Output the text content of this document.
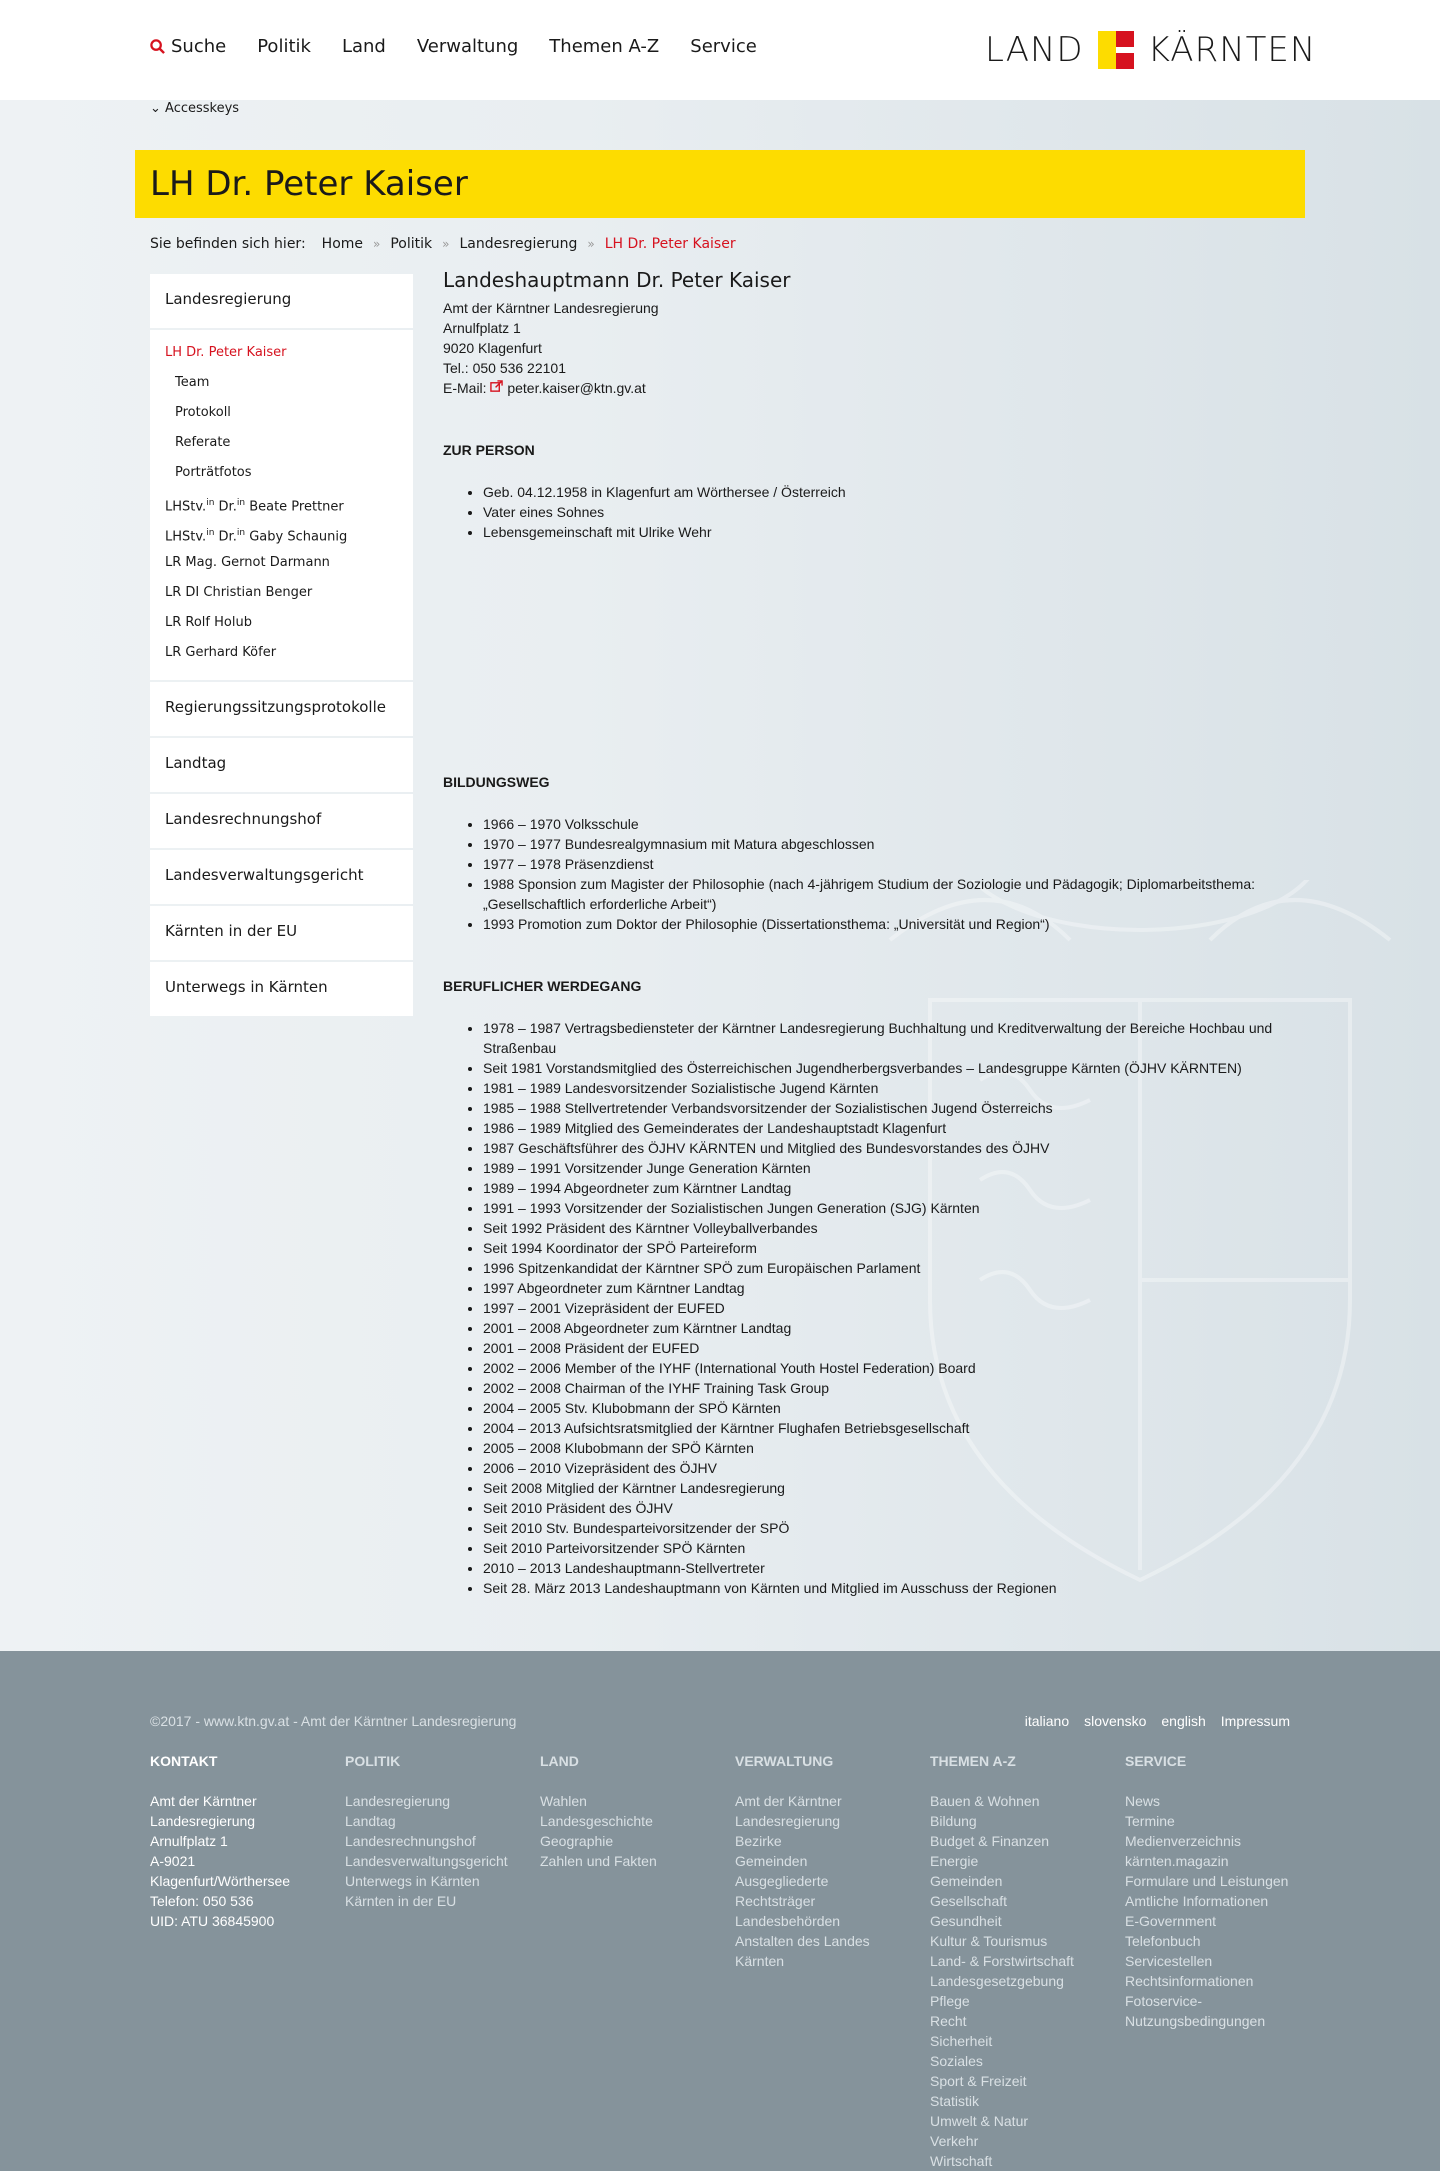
Suche Politik Land Verwaltung Themen A-Z Service	LAND KÄRNTEN
⌄ Accesskeys
LH Dr. Peter Kaiser
Sie befinden sich hier: Home » Politik » Landesregierung » LH Dr. Peter Kaiser
Landesregierung
LH Dr. Peter Kaiser
Team
Protokoll
Referate
Porträtfotos
LHStv.$^{in}$ Dr.$^{in}$ Beate Prettner
LHStv.$^{in}$ Dr.$^{in}$ Gaby Schaunig
LR Mag. Gernot Darmann
LR DI Christian Benger
LR Rolf Holub
LR Gerhard Köfer
Regierungssitzungsprotokolle
Landtag
Landesrechnungshof
Landesverwaltungsgericht
Kärnten in der EU
Unterwegs in Kärnten
Landeshauptmann Dr. Peter Kaiser
Amt der Kärntner Landesregierung
Arnulfplatz 1
9020 Klagenfurt
Tel.: 050 536 22101
E-Mail: peter.kaiser@ktn.gv.at
ZUR PERSON
• Geb. 04.12.1958 in Klagenfurt am Wörthersee / Österreich
• Vater eines Sohnes
• Lebensgemeinschaft mit Ulrike Wehr
BILDUNGSWEG
• 1966 – 1970 Volksschule
• 1970 – 1977 Bundesrealgymnasium mit Matura abgeschlossen
• 1977 – 1978 Präsenzdienst
• 1988 Sponsion zum Magister der Philosophie (nach 4-jährigem Studium der Soziologie und Pädagogik; Diplomarbeitsthema: „Gesellschaftlich erforderliche Arbeit“)
• 1993 Promotion zum Doktor der Philosophie (Dissertationsthema: „Universität und Region“)
BERUFLICHER WERDEGANG
• 1978 – 1987 Vertragsbediensteter der Kärntner Landesregierung Buchhaltung und Kreditverwaltung der Bereiche Hochbau und Straßenbau
• Seit 1981 Vorstandsmitglied des Österreichischen Jugendherbergsverbandes – Landesgruppe Kärnten (ÖJHV KÄRNTEN)
• 1981 – 1989 Landesvorsitzender Sozialistische Jugend Kärnten
• 1985 – 1988 Stellvertretender Verbandsvorsitzender der Sozialistischen Jugend Österreichs
• 1986 – 1989 Mitglied des Gemeinderates der Landeshauptstadt Klagenfurt
• 1987 Geschäftsführer des ÖJHV KÄRNTEN und Mitglied des Bundesvorstandes des ÖJHV
• 1989 – 1991 Vorsitzender Junge Generation Kärnten
• 1989 – 1994 Abgeordneter zum Kärntner Landtag
• 1991 – 1993 Vorsitzender der Sozialistischen Jungen Generation (SJG) Kärnten
• Seit 1992 Präsident des Kärntner Volleyballverbandes
• Seit 1994 Koordinator der SPÖ Parteireform
• 1996 Spitzenkandidat der Kärntner SPÖ zum Europäischen Parlament
• 1997 Abgeordneter zum Kärntner Landtag
• 1997 – 2001 Vizepräsident der EUFED
• 2001 – 2008 Abgeordneter zum Kärntner Landtag
• 2001 – 2008 Präsident der EUFED
• 2002 – 2006 Member of the IYHF (International Youth Hostel Federation) Board
• 2002 – 2008 Chairman of the IYHF Training Task Group
• 2004 – 2005 Stv. Klubobmann der SPÖ Kärnten
• 2004 – 2013 Aufsichtsratsmitglied der Kärntner Flughafen Betriebsgesellschaft
• 2005 – 2008 Klubobmann der SPÖ Kärnten
• 2006 – 2010 Vizepräsident des ÖJHV
• Seit 2008 Mitglied der Kärntner Landesregierung
• Seit 2010 Präsident des ÖJHV
• Seit 2010 Stv. Bundesparteivorsitzender der SPÖ
• Seit 2010 Parteivorsitzender SPÖ Kärnten
• 2010 – 2013 Landeshauptmann-Stellvertreter
• Seit 28. März 2013 Landeshauptmann von Kärnten und Mitglied im Ausschuss der Regionen
©2017 - www.ktn.gv.at - Amt der Kärntner Landesregierung	italiano slovensko english Impressum
KONTAKT
Amt der Kärntner
Landesregierung
Arnulfplatz 1
A-9021
Klagenfurt/Wörthersee
Telefon: 050 536
UID: ATU 36845900
POLITIK
Landesregierung
Landtag
Landesrechnungshof
Landesverwaltungsgericht
Unterwegs in Kärnten
Kärnten in der EU
LAND
Wahlen
Landesgeschichte
Geographie
Zahlen und Fakten
VERWALTUNG
Amt der Kärntner
Landesregierung
Bezirke
Gemeinden
Ausgegliederte
Rechtsträger
Landesbehörden
Anstalten des Landes
Kärnten
THEMEN A-Z
Bauen & Wohnen
Bildung
Budget & Finanzen
Energie
Gemeinden
Gesellschaft
Gesundheit
Kultur & Tourismus
Land- & Forstwirtschaft
Landesgesetzgebung
Pflege
Recht
Sicherheit
Soziales
Sport & Freizeit
Statistik
Umwelt & Natur
Verkehr
Wirtschaft
SERVICE
News
Termine
Medienverzeichnis
kärnten.magazin
Formulare und Leistungen
Amtliche Informationen
E-Government
Telefonbuch
Servicestellen
Rechtsinformationen
Fotoservice-
Nutzungsbedingungen
